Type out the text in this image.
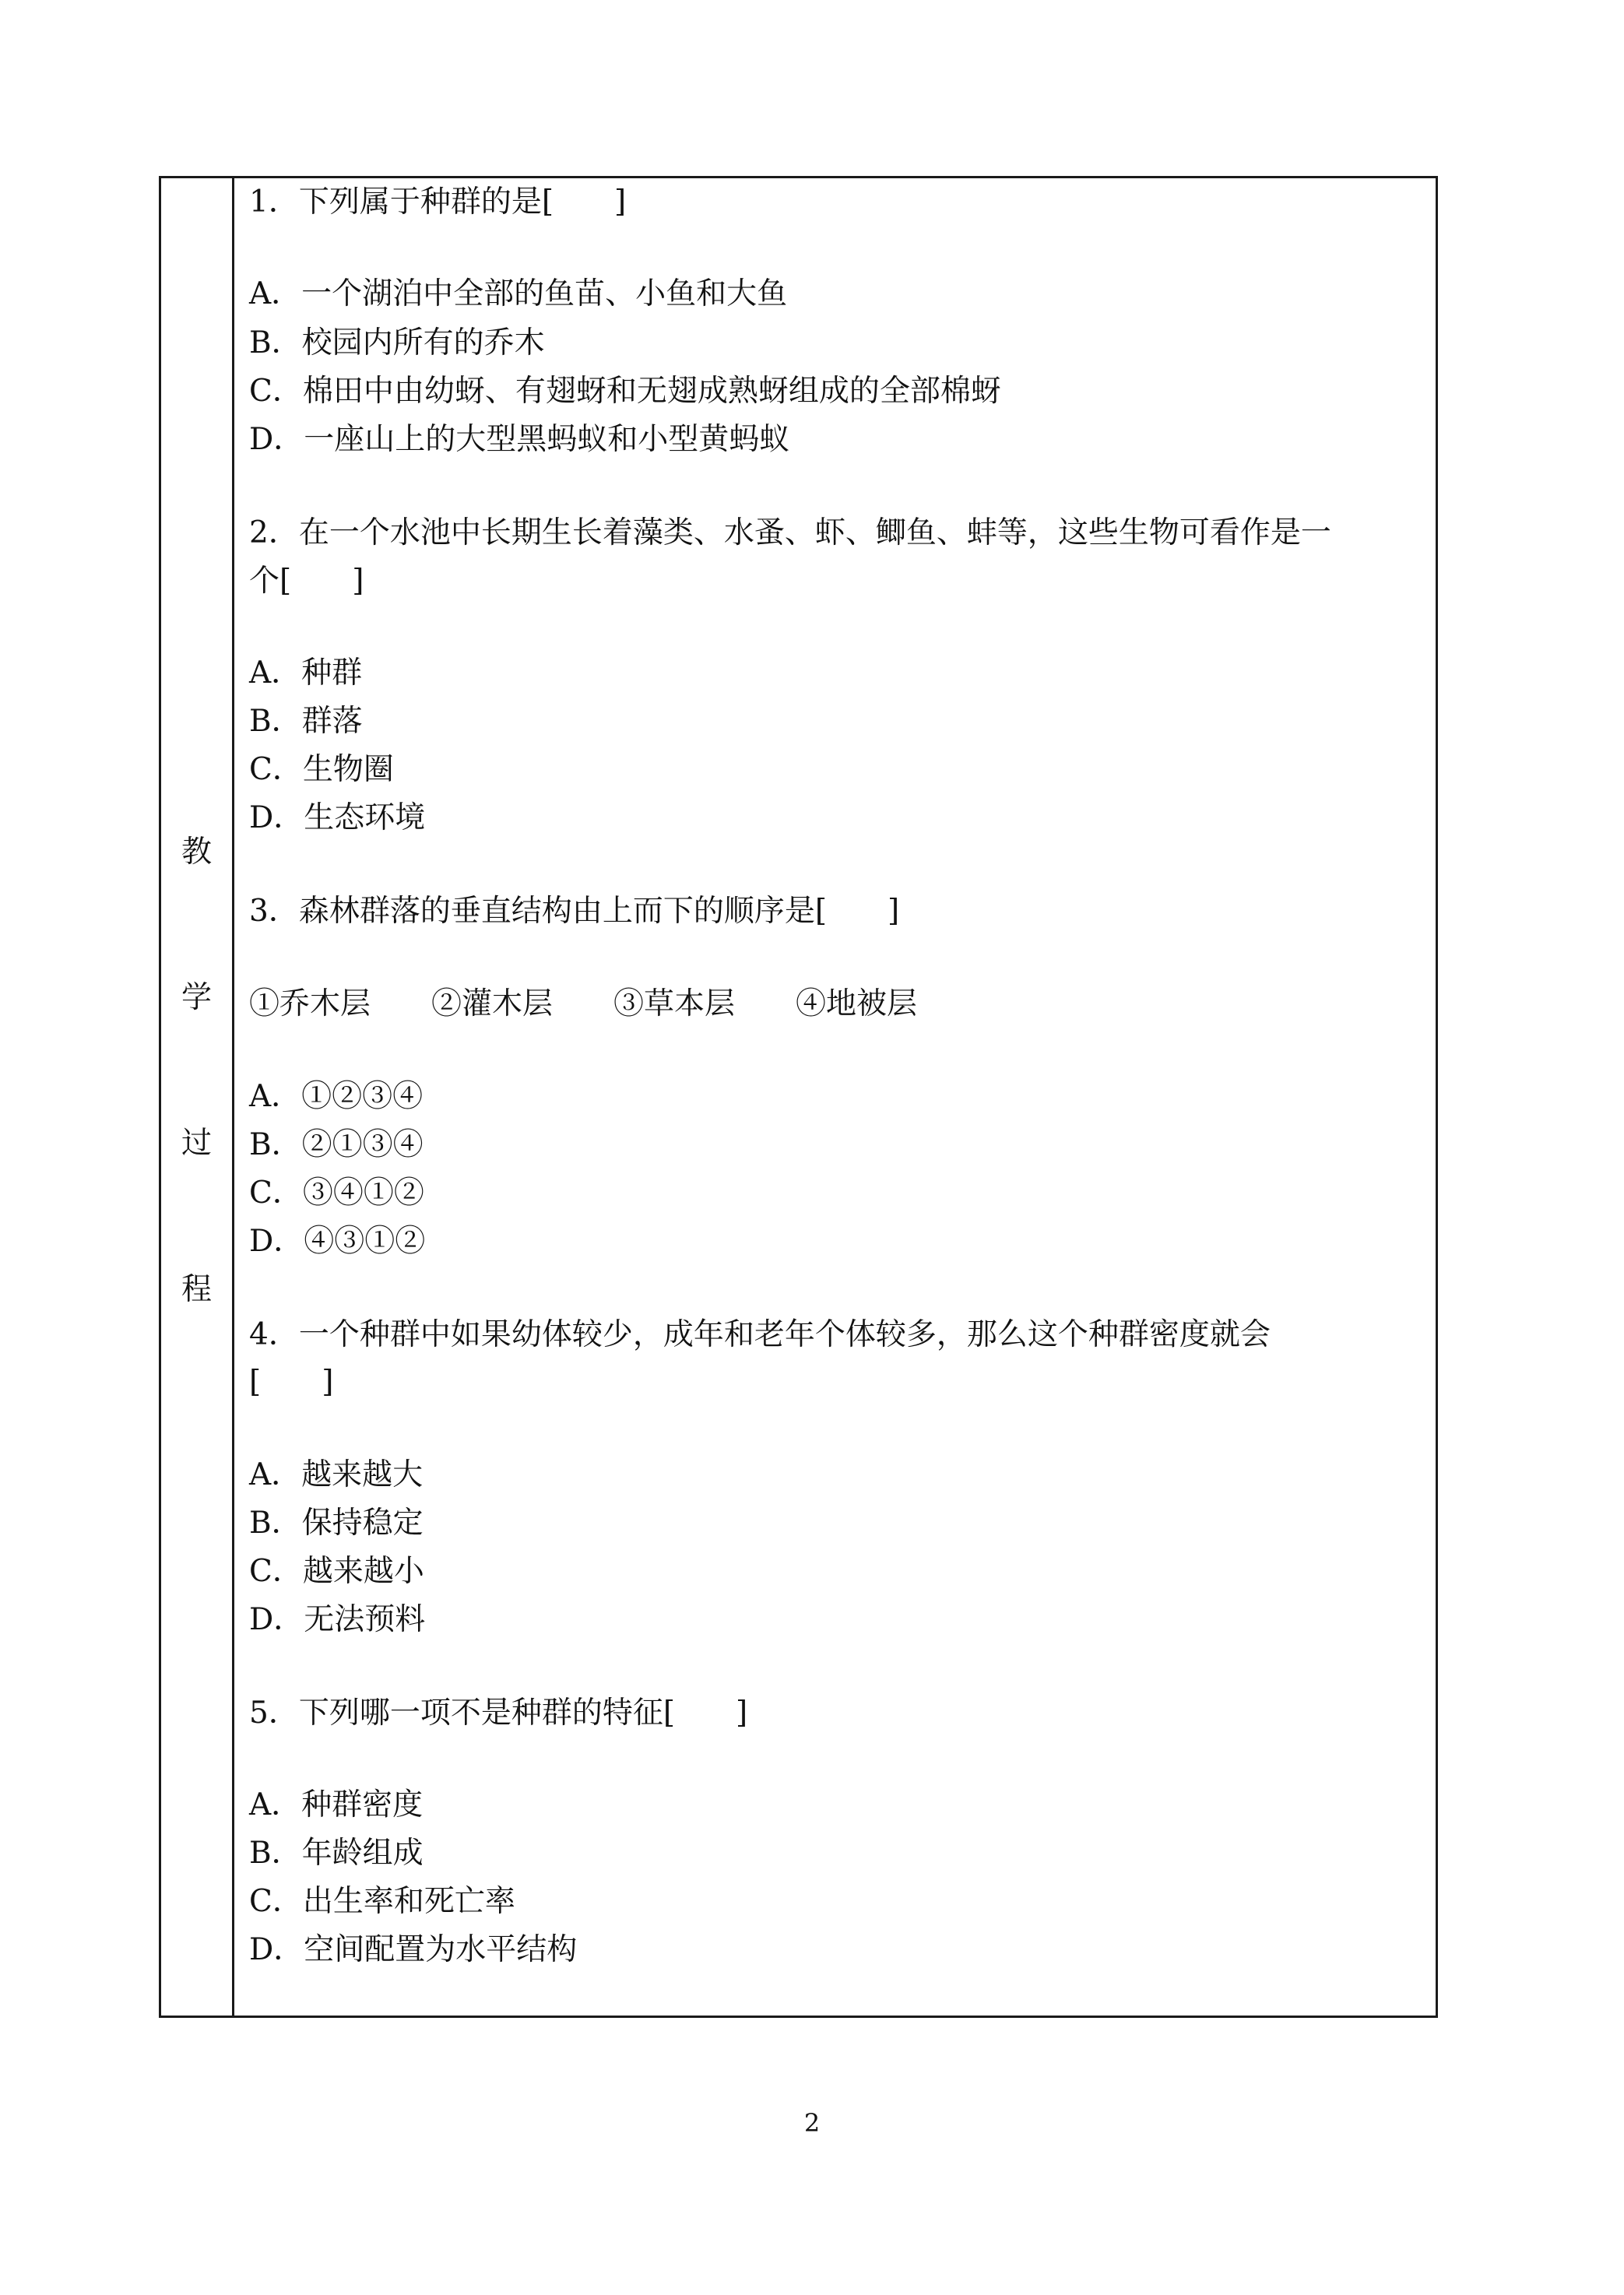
教
学
过
程
1．下列属于种群的是[　　]
A．一个湖泊中全部的鱼苗、小鱼和大鱼
B．校园内所有的乔木
C．棉田中由幼蚜、有翅蚜和无翅成熟蚜组成的全部棉蚜
D．一座山上的大型黑蚂蚁和小型黄蚂蚁
2．在一个水池中长期生长着藻类、水蚤、虾、鲫鱼、蚌等，这些生物可看作是一
个[　　]
A．种群
B．群落
C．生物圈
D．生态环境
3．森林群落的垂直结构由上而下的顺序是[　　]
①乔木层　　②灌木层　　③草本层　　④地被层
A．①②③④
B．②①③④
C．③④①②
D．④③①②
4．一个种群中如果幼体较少，成年和老年个体较多，那么这个种群密度就会
[　　]
A．越来越大
B．保持稳定
C．越来越小
D．无法预料
5．下列哪一项不是种群的特征[　　]
A．种群密度
B．年龄组成
C．出生率和死亡率
D．空间配置为水平结构
2
